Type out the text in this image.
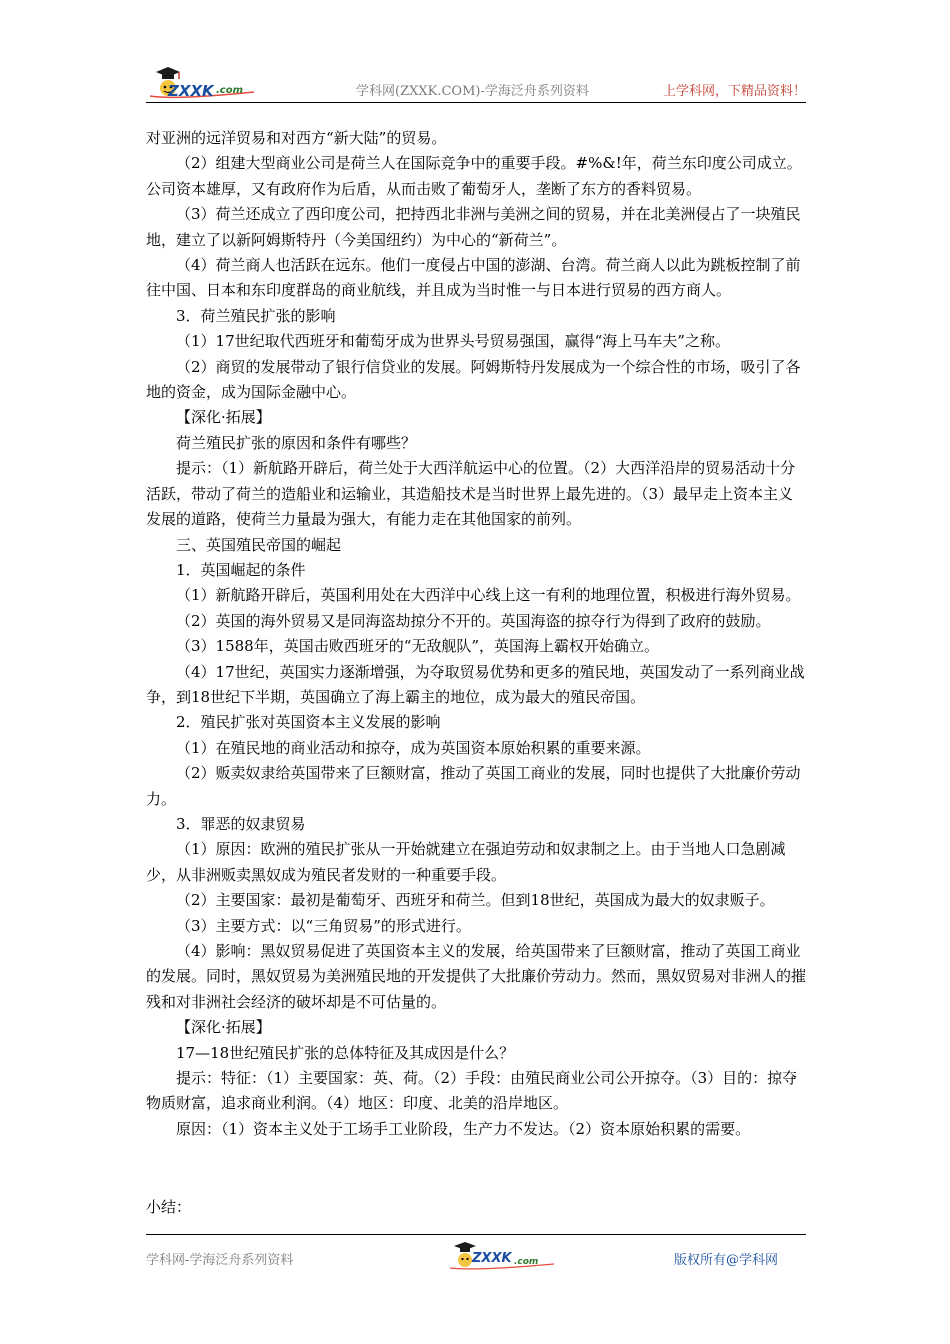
ZXXK .com	学科网(ZXXK.COM)-学海泛舟系列资料	上学科网，下精品资料！

对亚洲的远洋贸易和对西方“新大陆”的贸易。

（2）组建大型商业公司是荷兰人在国际竞争中的重要手段。#%&!年，荷兰东印度公司成立。公司资本雄厚，又有政府作为后盾，从而击败了葡萄牙人，垄断了东方的香料贸易。

（3）荷兰还成立了西印度公司，把持西北非洲与美洲之间的贸易，并在北美洲侵占了一块殖民地，建立了以新阿姆斯特丹（今美国纽约）为中心的“新荷兰”。

（4）荷兰商人也活跃在远东。他们一度侵占中国的澎湖、台湾。荷兰商人以此为跳板控制了前往中国、日本和东印度群岛的商业航线，并且成为当时惟一与日本进行贸易的西方商人。

3．荷兰殖民扩张的影响

（1）17世纪取代西班牙和葡萄牙成为世界头号贸易强国，赢得“海上马车夫”之称。

（2）商贸的发展带动了银行信贷业的发展。阿姆斯特丹发展成为一个综合性的市场，吸引了各地的资金，成为国际金融中心。

【深化·拓展】

荷兰殖民扩张的原因和条件有哪些？

提示：（1）新航路开辟后，荷兰处于大西洋航运中心的位置。（2）大西洋沿岸的贸易活动十分活跃，带动了荷兰的造船业和运输业，其造船技术是当时世界上最先进的。（3）最早走上资本主义发展的道路，使荷兰力量最为强大，有能力走在其他国家的前列。

三、英国殖民帝国的崛起

1．英国崛起的条件

（1）新航路开辟后，英国利用处在大西洋中心线上这一有利的地理位置，积极进行海外贸易。

（2）英国的海外贸易又是同海盗劫掠分不开的。英国海盗的掠夺行为得到了政府的鼓励。

（3）1588年，英国击败西班牙的“无敌舰队”，英国海上霸权开始确立。

（4）17世纪，英国实力逐渐增强，为夺取贸易优势和更多的殖民地，英国发动了一系列商业战争，到18世纪下半期，英国确立了海上霸主的地位，成为最大的殖民帝国。

2．殖民扩张对英国资本主义发展的影响

（1）在殖民地的商业活动和掠夺，成为英国资本原始积累的重要来源。

（2）贩卖奴隶给英国带来了巨额财富，推动了英国工商业的发展，同时也提供了大批廉价劳动力。

3．罪恶的奴隶贸易

（1）原因：欧洲的殖民扩张从一开始就建立在强迫劳动和奴隶制之上。由于当地人口急剧减少，从非洲贩卖黑奴成为殖民者发财的一种重要手段。

（2）主要国家：最初是葡萄牙、西班牙和荷兰。但到18世纪，英国成为最大的奴隶贩子。

（3）主要方式：以“三角贸易”的形式进行。

（4）影响：黑奴贸易促进了英国资本主义的发展，给英国带来了巨额财富，推动了英国工商业的发展。同时，黑奴贸易为美洲殖民地的开发提供了大批廉价劳动力。然而，黑奴贸易对非洲人的摧残和对非洲社会经济的破坏却是不可估量的。

【深化·拓展】

17—18世纪殖民扩张的总体特征及其成因是什么？

提示：特征：（1）主要国家：英、荷。（2）手段：由殖民商业公司公开掠夺。（3）目的：掠夺物质财富，追求商业利润。（4）地区：印度、北美的沿岸地区。

原因：（1）资本主义处于工场手工业阶段，生产力不发达。（2）资本原始积累的需要。

小结：
学科网-学海泛舟系列资料	ZXXK .com	版权所有@学科网
